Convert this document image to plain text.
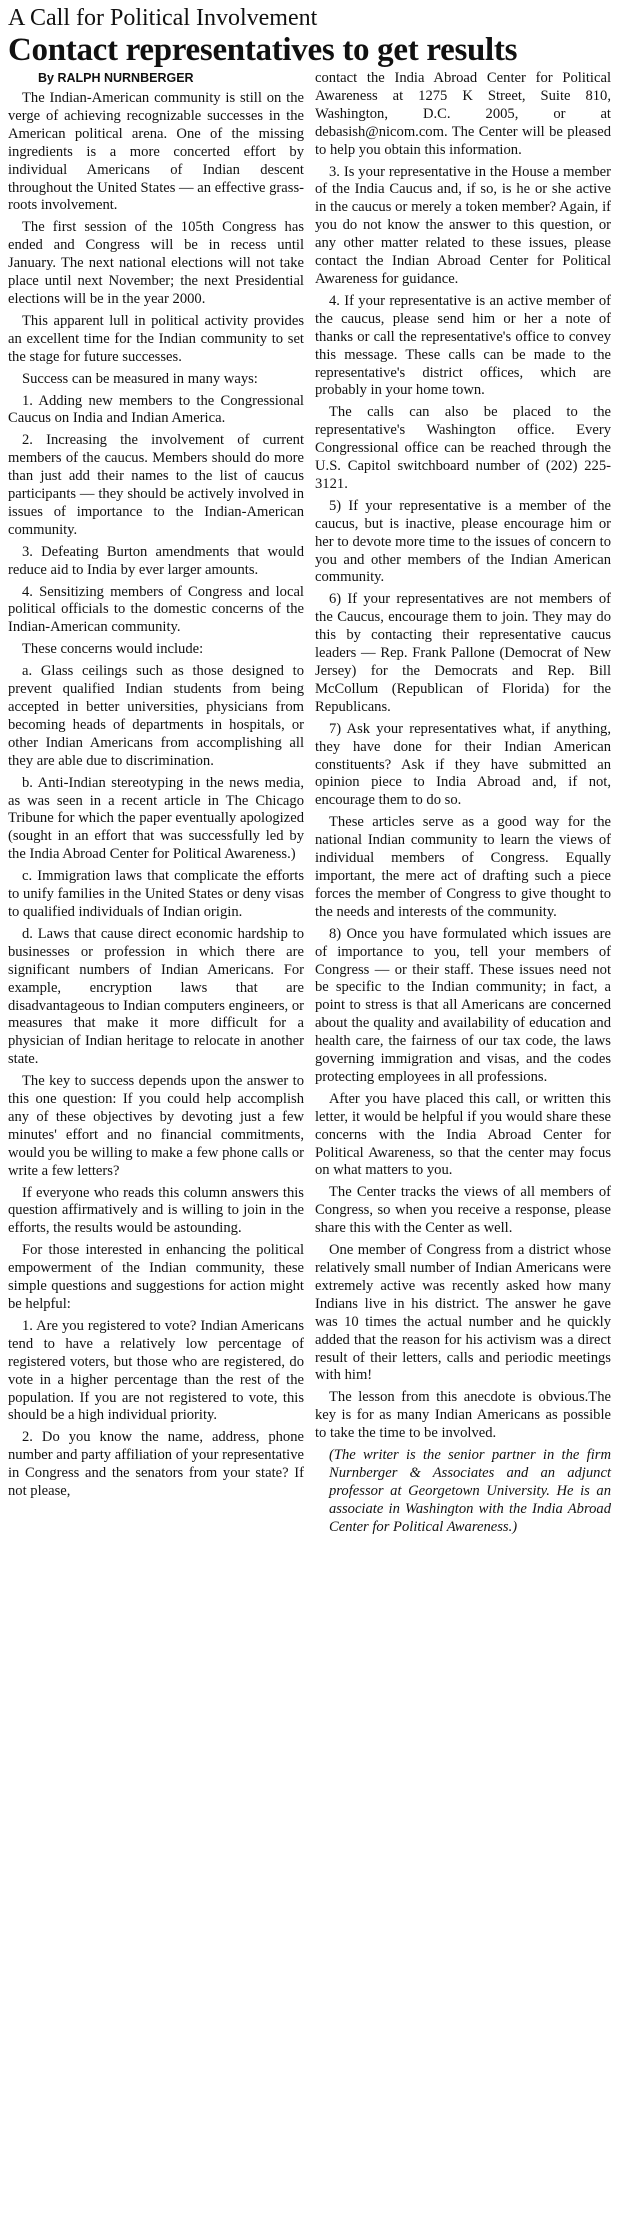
A Call for Political Involvement
Contact representatives to get results

By RALPH NURNBERGER

The Indian-American community is still on the verge of achieving recognizable successes in the American political arena. One of the missing ingredients is a more concerted effort by individual Americans of Indian descent throughout the United States — an effective grass-roots involvement.

The first session of the 105th Congress has ended and Congress will be in recess until January. The next national elections will not take place until next November; the next Presidential elections will be in the year 2000.

This apparent lull in political activity provides an excellent time for the Indian community to set the stage for future successes.

Success can be measured in many ways:

1. Adding new members to the Congressional Caucus on India and Indian America.

2. Increasing the involvement of current members of the caucus. Members should do more than just add their names to the list of caucus participants — they should be actively involved in issues of importance to the Indian-American community.

3. Defeating Burton amendments that would reduce aid to India by ever larger amounts.

4. Sensitizing members of Congress and local political officials to the domestic concerns of the Indian-American community.

These concerns would include:

a. Glass ceilings such as those designed to prevent qualified Indian students from being accepted in better universities, physicians from becoming heads of departments in hospitals, or other Indian Americans from accomplishing all they are able due to discrimination.

b. Anti-Indian stereotyping in the news media, as was seen in a recent article in The Chicago Tribune for which the paper eventually apologized (sought in an effort that was successfully led by the India Abroad Center for Political Awareness.)

c. Immigration laws that complicate the efforts to unify families in the United States or deny visas to qualified individuals of Indian origin.

d. Laws that cause direct economic hardship to businesses or profession in which there are significant numbers of Indian Americans. For example, encryption laws that are disadvantageous to Indian computers engineers, or measures that make it more difficult for a physician of Indian heritage to relocate in another state.

The key to success depends upon the answer to this one question: If you could help accomplish any of these objectives by devoting just a few minutes' effort and no financial commitments, would you be willing to make a few phone calls or write a few letters?

If everyone who reads this column answers this question affirmatively and is willing to join in the efforts, the results would be astounding.

For those interested in enhancing the political empowerment of the Indian community, these simple questions and suggestions for action might be helpful:

1. Are you registered to vote? Indian Americans tend to have a relatively low percentage of registered voters, but those who are registered, do vote in a higher percentage than the rest of the population. If you are not registered to vote, this should be a high individual priority.

2. Do you know the name, address, phone number and party affiliation of your representative in Congress and the senators from your state? If not please,

contact the India Abroad Center for Political Awareness at 1275 K Street, Suite 810, Washington, D.C. 2005, or at debasish@nicom.com. The Center will be pleased to help you obtain this information.

3. Is your representative in the House a member of the India Caucus and, if so, is he or she active in the caucus or merely a token member? Again, if you do not know the answer to this question, or any other matter related to these issues, please contact the Indian Abroad Center for Political Awareness for guidance.

4. If your representative is an active member of the caucus, please send him or her a note of thanks or call the representative's office to convey this message. These calls can be made to the representative's district offices, which are probably in your home town.

The calls can also be placed to the representative's Washington office. Every Congressional office can be reached through the U.S. Capitol switchboard number of (202) 225-3121.

5) If your representative is a member of the caucus, but is inactive, please encourage him or her to devote more time to the issues of concern to you and other members of the Indian American community.

6) If your representatives are not members of the Caucus, encourage them to join. They may do this by contacting their representative caucus leaders — Rep. Frank Pallone (Democrat of New Jersey) for the Democrats and Rep. Bill McCollum (Republican of Florida) for the Republicans.

7) Ask your representatives what, if anything, they have done for their Indian American constituents? Ask if they have submitted an opinion piece to India Abroad and, if not, encourage them to do so.

These articles serve as a good way for the national Indian community to learn the views of individual members of Congress. Equally important, the mere act of drafting such a piece forces the member of Congress to give thought to the needs and interests of the community.

8) Once you have formulated which issues are of importance to you, tell your members of Congress — or their staff. These issues need not be specific to the Indian community; in fact, a point to stress is that all Americans are concerned about the quality and availability of education and health care, the fairness of our tax code, the laws governing immigration and visas, and the codes protecting employees in all professions.

After you have placed this call, or written this letter, it would be helpful if you would share these concerns with the India Abroad Center for Political Awareness, so that the center may focus on what matters to you.

The Center tracks the views of all members of Congress, so when you receive a response, please share this with the Center as well.

One member of Congress from a district whose relatively small number of Indian Americans were extremely active was recently asked how many Indians live in his district. The answer he gave was 10 times the actual number and he quickly added that the reason for his activism was a direct result of their letters, calls and periodic meetings with him!

The lesson from this anecdote is obvious.The key is for as many Indian Americans as possible to take the time to be involved.

(The writer is the senior partner in the firm Nurnberger & Associates and an adjunct professor at Georgetown University. He is an associate in Washington with the India Abroad Center for Political Awareness.)
